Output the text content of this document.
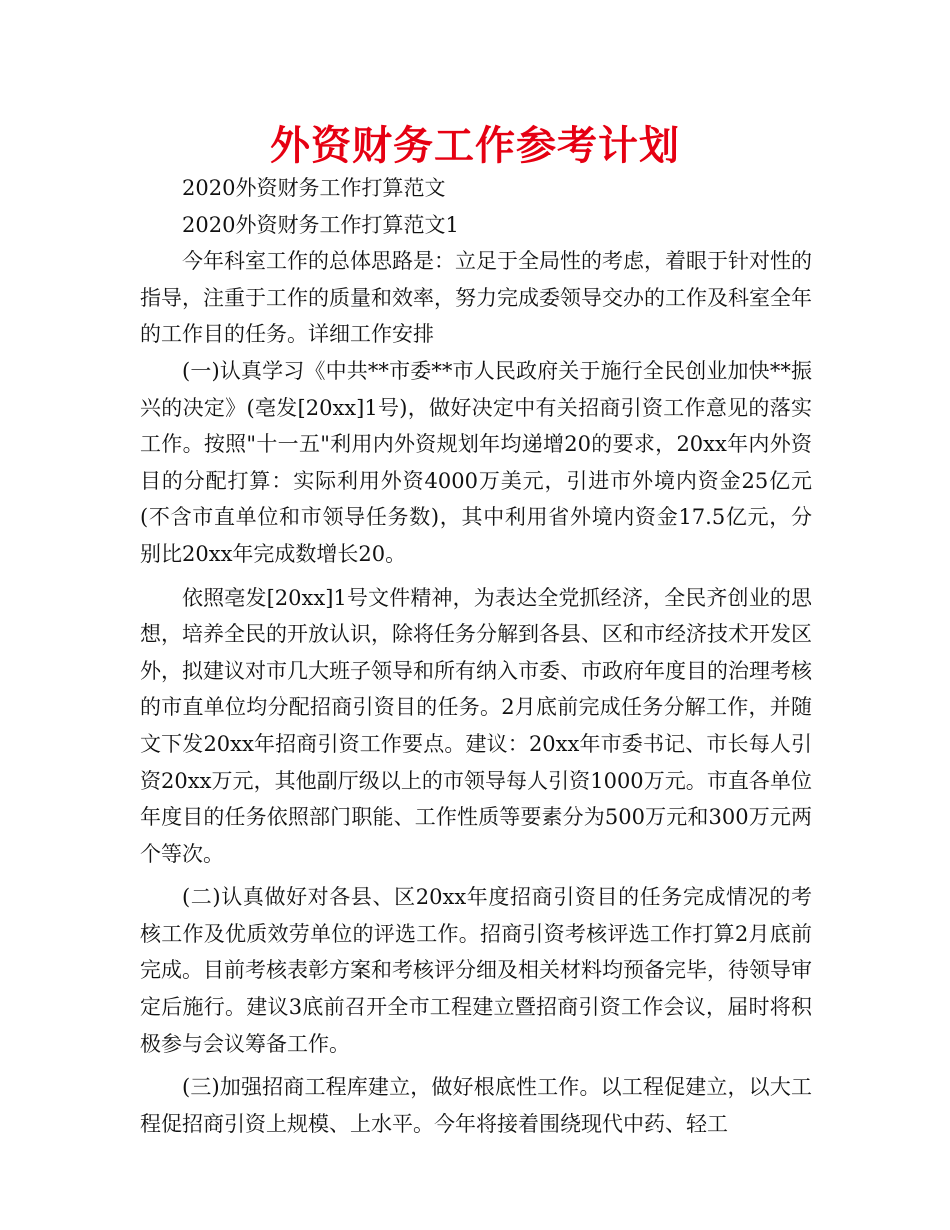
外资财务工作参考计划

2020外资财务工作打算范文

2020外资财务工作打算范文1

今年科室工作的总体思路是：立足于全局性的考虑，着眼于针对性的指导，注重于工作的质量和效率，努力完成委领导交办的工作及科室全年的工作目的任务。详细工作安排

(一)认真学习《中共**市委**市人民政府关于施行全民创业加快**振兴的决定》(亳发[20xx]1号)，做好决定中有关招商引资工作意见的落实工作。按照"十一五"利用内外资规划年均递增20的要求，20xx年内外资目的分配打算：实际利用外资4000万美元，引进市外境内资金25亿元(不含市直单位和市领导任务数)，其中利用省外境内资金17.5亿元，分别比20xx年完成数增长20。

依照亳发[20xx]1号文件精神，为表达全党抓经济，全民齐创业的思想，培养全民的开放认识，除将任务分解到各县、区和市经济技术开发区外，拟建议对市几大班子领导和所有纳入市委、市政府年度目的治理考核的市直单位均分配招商引资目的任务。2月底前完成任务分解工作，并随文下发20xx年招商引资工作要点。建议：20xx年市委书记、市长每人引资20xx万元，其他副厅级以上的市领导每人引资1000万元。市直各单位年度目的任务依照部门职能、工作性质等要素分为500万元和300万元两个等次。

(二)认真做好对各县、区20xx年度招商引资目的任务完成情况的考核工作及优质效劳单位的评选工作。招商引资考核评选工作打算2月底前完成。目前考核表彰方案和考核评分细及相关材料均预备完毕，待领导审定后施行。建议3底前召开全市工程建立暨招商引资工作会议，届时将积极参与会议筹备工作。

(三)加强招商工程库建立，做好根底性工作。以工程促建立，以大工程促招商引资上规模、上水平。今年将接着围绕现代中药、轻工
